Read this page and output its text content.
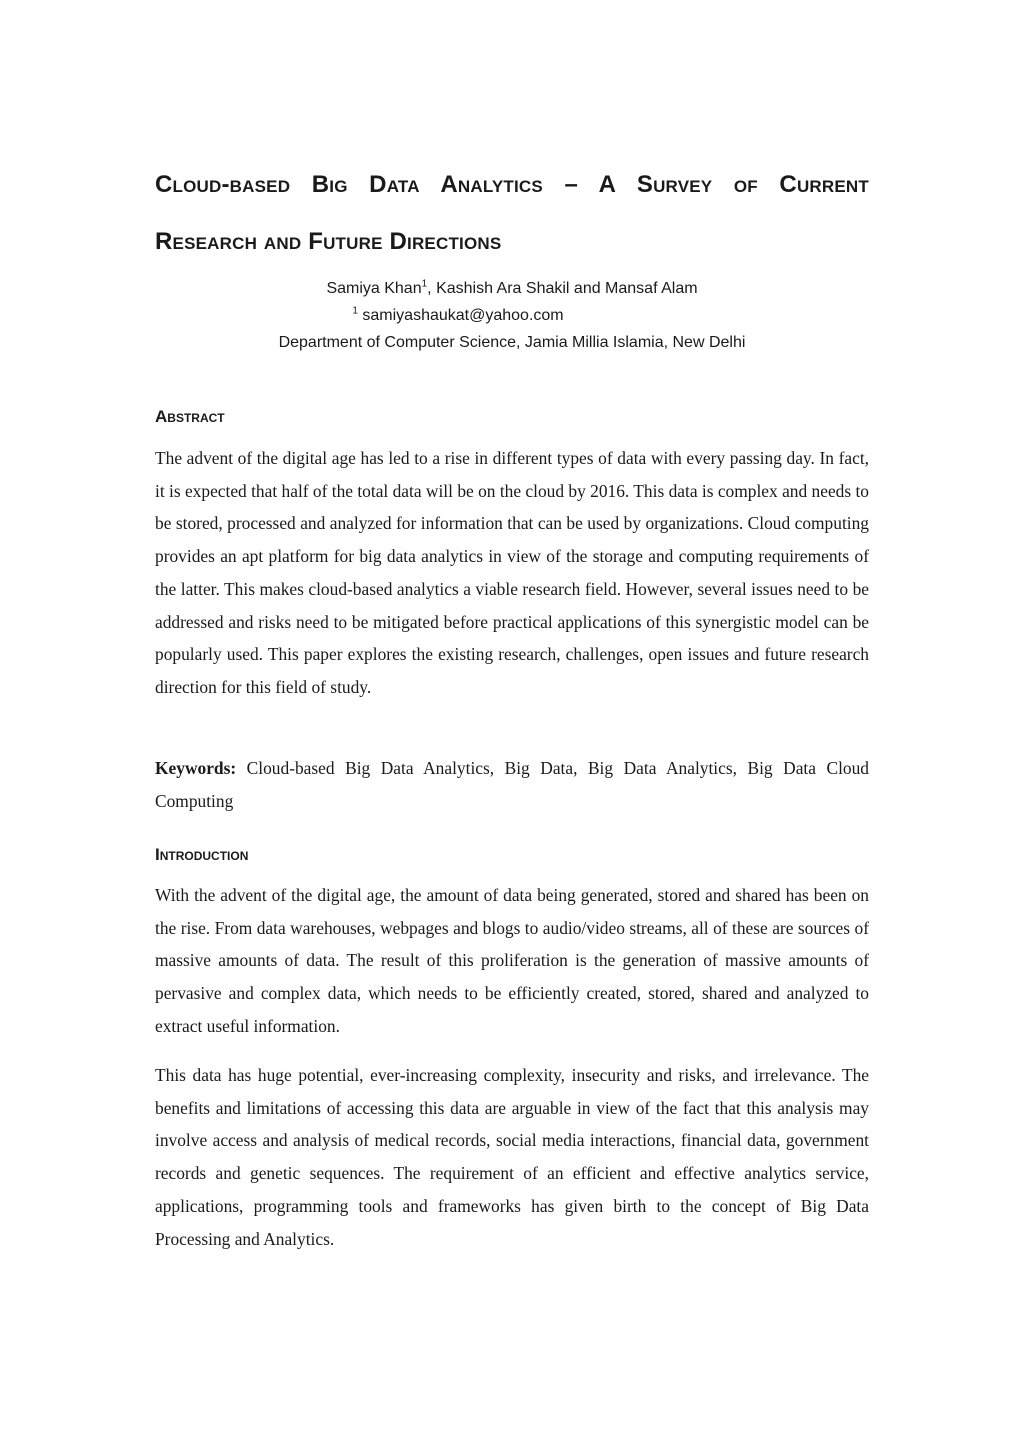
Cloud-based Big Data Analytics – A Survey of Current
Research and Future Directions
Samiya Khan$^1$, Kashish Ara Shakil and Mansaf Alam
$^1$ samiyashaukat@yahoo.com
Department of Computer Science, Jamia Millia Islamia, New Delhi
Abstract
The advent of the digital age has led to a rise in different types of data with every passing day. In fact, it is expected that half of the total data will be on the cloud by 2016. This data is complex and needs to be stored, processed and analyzed for information that can be used by organizations. Cloud computing provides an apt platform for big data analytics in view of the storage and computing requirements of the latter. This makes cloud-based analytics a viable research field. However, several issues need to be addressed and risks need to be mitigated before practical applications of this synergistic model can be popularly used. This paper explores the existing research, challenges, open issues and future research direction for this field of study.
Keywords: Cloud-based Big Data Analytics, Big Data, Big Data Analytics, Big Data Cloud Computing
Introduction
With the advent of the digital age, the amount of data being generated, stored and shared has been on the rise. From data warehouses, webpages and blogs to audio/video streams, all of these are sources of massive amounts of data. The result of this proliferation is the generation of massive amounts of pervasive and complex data, which needs to be efficiently created, stored, shared and analyzed to extract useful information.
This data has huge potential, ever-increasing complexity, insecurity and risks, and irrelevance. The benefits and limitations of accessing this data are arguable in view of the fact that this analysis may involve access and analysis of medical records, social media interactions, financial data, government records and genetic sequences. The requirement of an efficient and effective analytics service, applications, programming tools and frameworks has given birth to the concept of Big Data Processing and Analytics.
